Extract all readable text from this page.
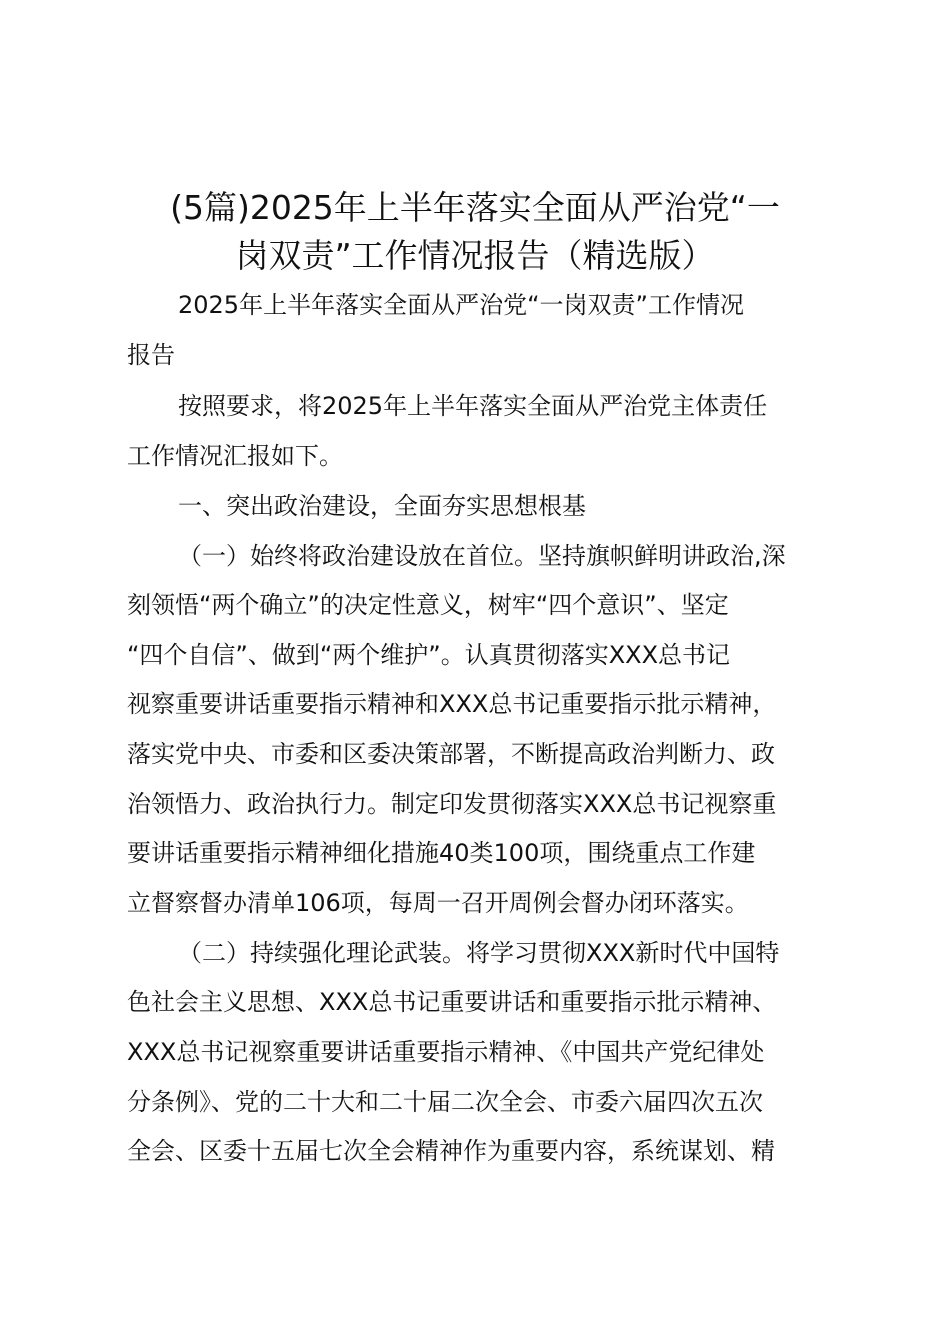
(5篇)2025年上半年落实全面从严治党“一
岗双责”工作情况报告（精选版）

2025年上半年落实全面从严治党“一岗双责”工作情况

报告

按照要求，将2025年上半年落实全面从严治党主体责任

工作情况汇报如下。

一、突出政治建设，全面夯实思想根基

（一）始终将政治建设放在首位。坚持旗帜鲜明讲政治,深

刻领悟“两个确立”的决定性意义，树牢“四个意识”、坚定

“四个自信”、做到“两个维护”。认真贯彻落实XXX总书记

视察重要讲话重要指示精神和XXX总书记重要指示批示精神，

落实党中央、市委和区委决策部署，不断提高政治判断力、政

治领悟力、政治执行力。制定印发贯彻落实XXX总书记视察重

要讲话重要指示精神细化措施40类100项，围绕重点工作建

立督察督办清单106项，每周一召开周例会督办闭环落实。

（二）持续强化理论武装。将学习贯彻XXX新时代中国特

色社会主义思想、XXX总书记重要讲话和重要指示批示精神、

XXX总书记视察重要讲话重要指示精神、《中国共产党纪律处

分条例》、党的二十大和二十届二次全会、市委六届四次五次

全会、区委十五届七次全会精神作为重要内容，系统谋划、精
